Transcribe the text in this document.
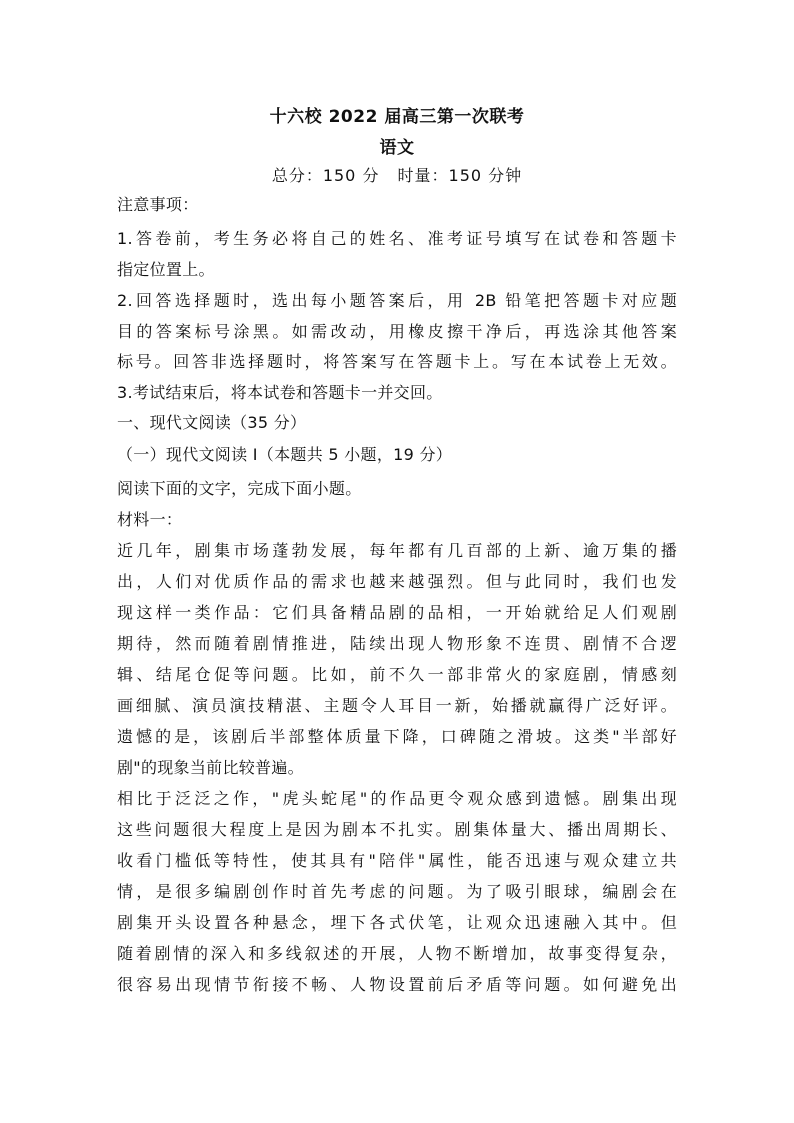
十六校 2022 届高三第一次联考
语文
总分：150 分 时量：150 分钟
注意事项：
1.答卷前，考生务必将自己的姓名、准考证号填写在试卷和答题卡
指定位置上。
2.回答选择题时，选出每小题答案后，用 2B 铅笔把答题卡对应题
目的答案标号涂黑。如需改动，用橡皮擦干净后，再选涂其他答案
标号。回答非选择题时，将答案写在答题卡上。写在本试卷上无效。
3.考试结束后，将本试卷和答题卡一并交回。
一、现代文阅读（35 分）
（一）现代文阅读 I（本题共 5 小题，19 分）
阅读下面的文字，完成下面小题。
材料一：
近几年，剧集市场蓬勃发展，每年都有几百部的上新、逾万集的播
出，人们对优质作品的需求也越来越强烈。但与此同时，我们也发
现这样一类作品：它们具备精品剧的品相，一开始就给足人们观剧
期待，然而随着剧情推进，陆续出现人物形象不连贯、剧情不合逻
辑、结尾仓促等问题。比如，前不久一部非常火的家庭剧，情感刻
画细腻、演员演技精湛、主题令人耳目一新，始播就赢得广泛好评。
遗憾的是，该剧后半部整体质量下降，口碑随之滑坡。这类"半部好
剧"的现象当前比较普遍。
相比于泛泛之作，"虎头蛇尾"的作品更令观众感到遗憾。剧集出现
这些问题很大程度上是因为剧本不扎实。剧集体量大、播出周期长、
收看门槛低等特性，使其具有"陪伴"属性，能否迅速与观众建立共
情，是很多编剧创作时首先考虑的问题。为了吸引眼球，编剧会在
剧集开头设置各种悬念，埋下各式伏笔，让观众迅速融入其中。但
随着剧情的深入和多线叙述的开展，人物不断增加，故事变得复杂，
很容易出现情节衔接不畅、人物设置前后矛盾等问题。如何避免出
